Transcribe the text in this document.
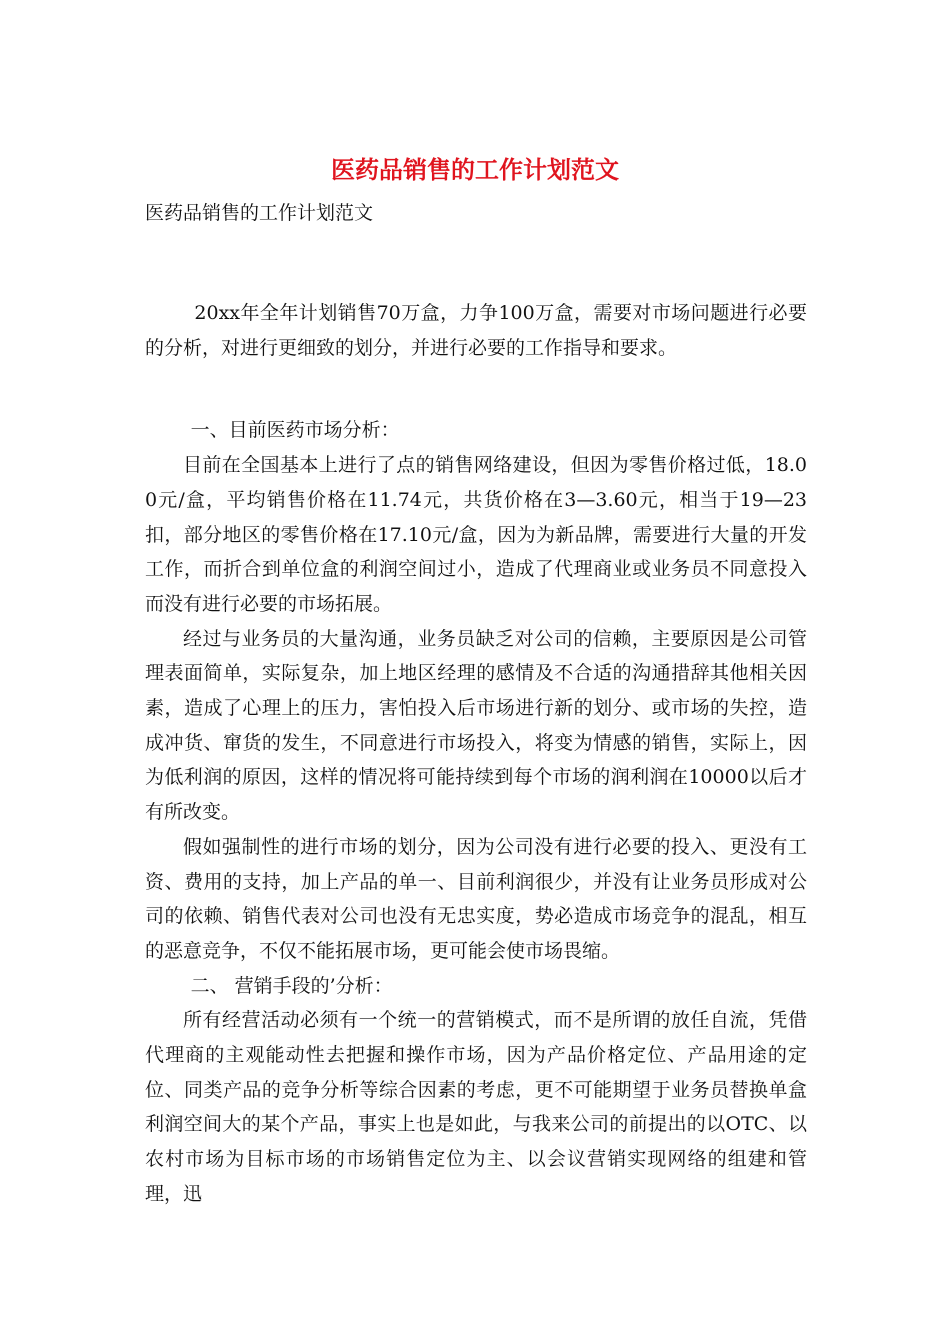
医药品销售的工作计划范文

医药品销售的工作计划范文

20xx年全年计划销售70万盒，力争100万盒，需要对市场问题进行必要的分析，对进行更细致的划分，并进行必要的工作指导和要求。

一、目前医药市场分析：

目前在全国基本上进行了点的销售网络建设，但因为零售价格过低，18.00元/盒，平均销售价格在11.74元，共货价格在3—3.60元，相当于19—23扣，部分地区的零售价格在17.10元/盒，因为为新品牌，需要进行大量的开发工作，而折合到单位盒的利润空间过小，造成了代理商业或业务员不同意投入而没有进行必要的市场拓展。

经过与业务员的大量沟通，业务员缺乏对公司的信赖，主要原因是公司管理表面简单，实际复杂，加上地区经理的感情及不合适的沟通措辞其他相关因素，造成了心理上的压力，害怕投入后市场进行新的划分、或市场的失控，造成冲货、窜货的发生，不同意进行市场投入，将变为情感的销售，实际上，因为低利润的原因，这样的情况将可能持续到每个市场的润利润在10000以后才有所改变。

假如强制性的进行市场的划分，因为公司没有进行必要的投入、更没有工资、费用的支持，加上产品的单一、目前利润很少，并没有让业务员形成对公司的依赖、销售代表对公司也没有无忠实度，势必造成市场竞争的混乱，相互的恶意竞争，不仅不能拓展市场，更可能会使市场畏缩。

二、 营销手段的’分析：

所有经营活动必须有一个统一的营销模式，而不是所谓的放任自流，凭借代理商的主观能动性去把握和操作市场，因为产品价格定位、产品用途的定位、同类产品的竞争分析等综合因素的考虑，更不可能期望于业务员替换单盒利润空间大的某个产品，事实上也是如此，与我来公司的前提出的以OTC、以农村市场为目标市场的市场销售定位为主、以会议营销实现网络的组建和管理，迅
